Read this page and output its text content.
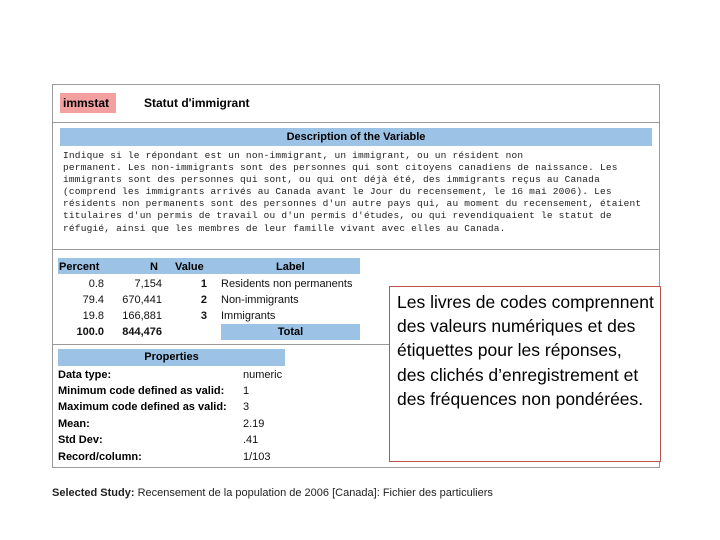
immstat	Statut d'immigrant
Description of the Variable
Indique si le répondant est un non-immigrant, un immigrant, ou un résident non
permanent. Les non-immigrants sont des personnes qui sont citoyens canadiens de naissance. Les
immigrants sont des personnes qui sont, ou qui ont déjà été, des immigrants reçus au Canada
(comprend les immigrants arrivés au Canada avant le Jour du recensement, le 16 mai 2006). Les
résidents non permanents sont des personnes d'un autre pays qui, au moment du recensement, étaient
titulaires d'un permis de travail ou d'un permis d'études, ou qui revendiquaient le statut de
réfugié, ainsi que les membres de leur famille vivant avec elles au Canada.
Percent	N Value	Label
0.8	7,154	1 Residents non permanents
79.4	670,441	2 Non-immigrants
19.8	166,881	3 Immigrants
100.0	844,476	Total
Properties
Data type:	numeric
Minimum code defined as valid: 1
Maximum code defined as valid: 3
Mean:	2.19
Std Dev:	.41
Record/column:	1/103
Les livres de codes comprennent des valeurs numériques et des étiquettes pour les réponses, des clichés d’enregistrement et des fréquences non pondérées.
Selected Study: Recensement de la population de 2006 [Canada]: Fichier des particuliers
